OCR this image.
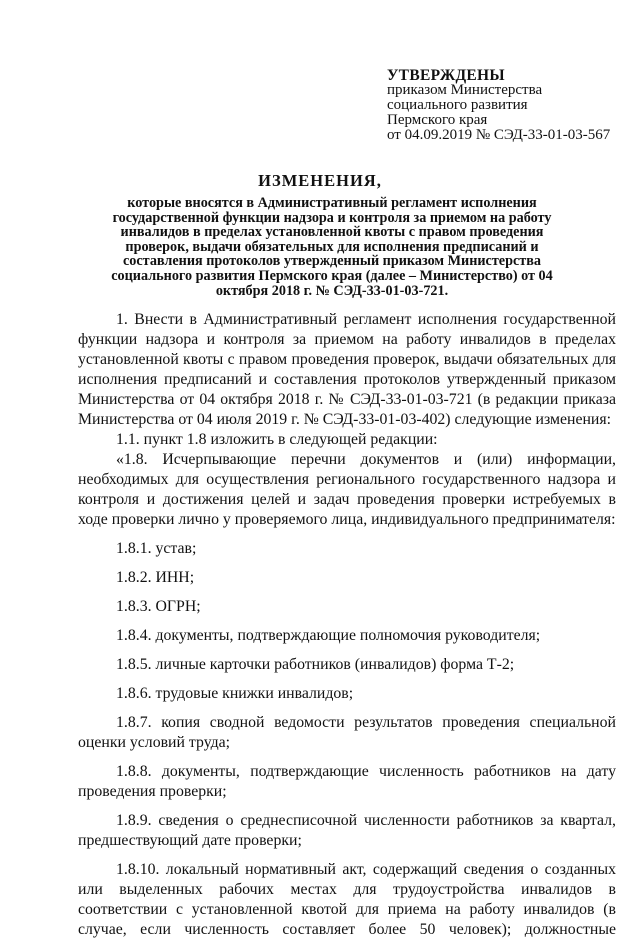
УТВЕРЖДЕНЫ
приказом Министерства
социального развития
Пермского края
от 04.09.2019 № СЭД-33-01-03-567
ИЗМЕНЕНИЯ,
которые вносятся в Административный регламент исполнения государственной функции надзора и контроля за приемом на работу инвалидов в пределах установленной квоты с правом проведения проверок, выдачи обязательных для исполнения предписаний и составления протоколов утвержденный приказом Министерства социального развития Пермского края (далее – Министерство) от 04 октября 2018 г. № СЭД-33-01-03-721.

1. Внести в Административный регламент исполнения государственной функции надзора и контроля за приемом на работу инвалидов в пределах установленной квоты с правом проведения проверок, выдачи обязательных для исполнения предписаний и составления протоколов утвержденный приказом Министерства от 04 октября 2018 г. № СЭД-33-01-03-721 (в редакции приказа Министерства от 04 июля 2019 г. № СЭД-33-01-03-402) следующие изменения:

1.1. пункт 1.8 изложить в следующей редакции:

«1.8. Исчерпывающие перечни документов и (или) информации, необходимых для осуществления регионального государственного надзора и контроля и достижения целей и задач проведения проверки истребуемых в ходе проверки лично у проверяемого лица, индивидуального предпринимателя:

1.8.1. устав;

1.8.2. ИНН;

1.8.3. ОГРН;

1.8.4. документы, подтверждающие полномочия руководителя;

1.8.5. личные карточки работников (инвалидов) форма Т-2;

1.8.6. трудовые книжки инвалидов;

1.8.7. копия сводной ведомости результатов проведения специальной оценки условий труда;

1.8.8. документы, подтверждающие численность работников на дату проведения проверки;

1.8.9. сведения о среднесписочной численности работников за квартал, предшествующий дате проверки;

1.8.10. локальный нормативный акт, содержащий сведения о созданных или выделенных рабочих местах для трудоустройства инвалидов в соответствии с установленной квотой для приема на работу инвалидов (в случае, если численность составляет более 50 человек); должностные
